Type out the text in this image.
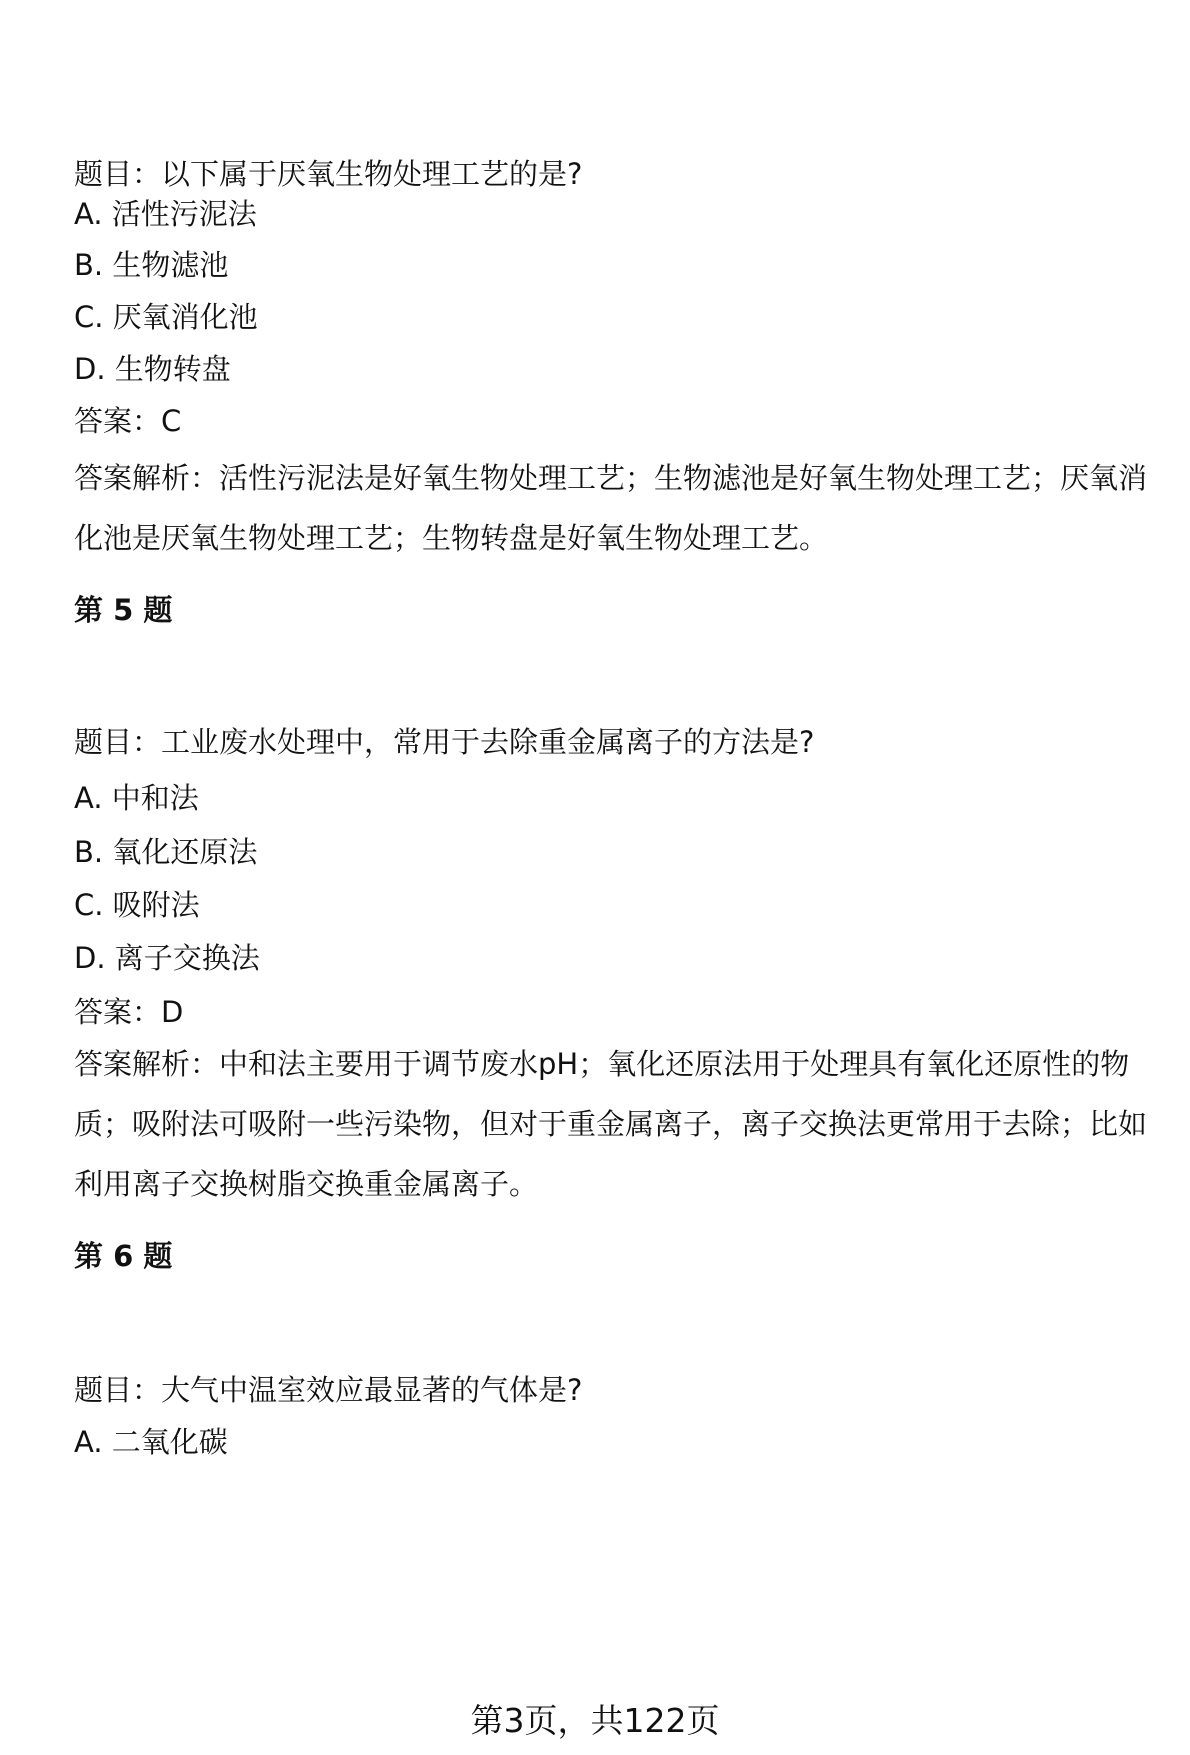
题目：以下属于厌氧生物处理工艺的是?
A. 活性污泥法
B. 生物滤池
C. 厌氧消化池
D. 生物转盘
答案：C
答案解析：活性污泥法是好氧生物处理工艺；生物滤池是好氧生物处理工艺；厌氧消化池是厌氧生物处理工艺；生物转盘是好氧生物处理工艺。
第 5 题
题目：工业废水处理中，常用于去除重金属离子的方法是?
A. 中和法
B. 氧化还原法
C. 吸附法
D. 离子交换法
答案：D
答案解析：中和法主要用于调节废水pH；氧化还原法用于处理具有氧化还原性的物质；吸附法可吸附一些污染物，但对于重金属离子，离子交换法更常用于去除；比如利用离子交换树脂交换重金属离子。
第 6 题
题目：大气中温室效应最显著的气体是?
A. 二氧化碳
第3页，共122页
